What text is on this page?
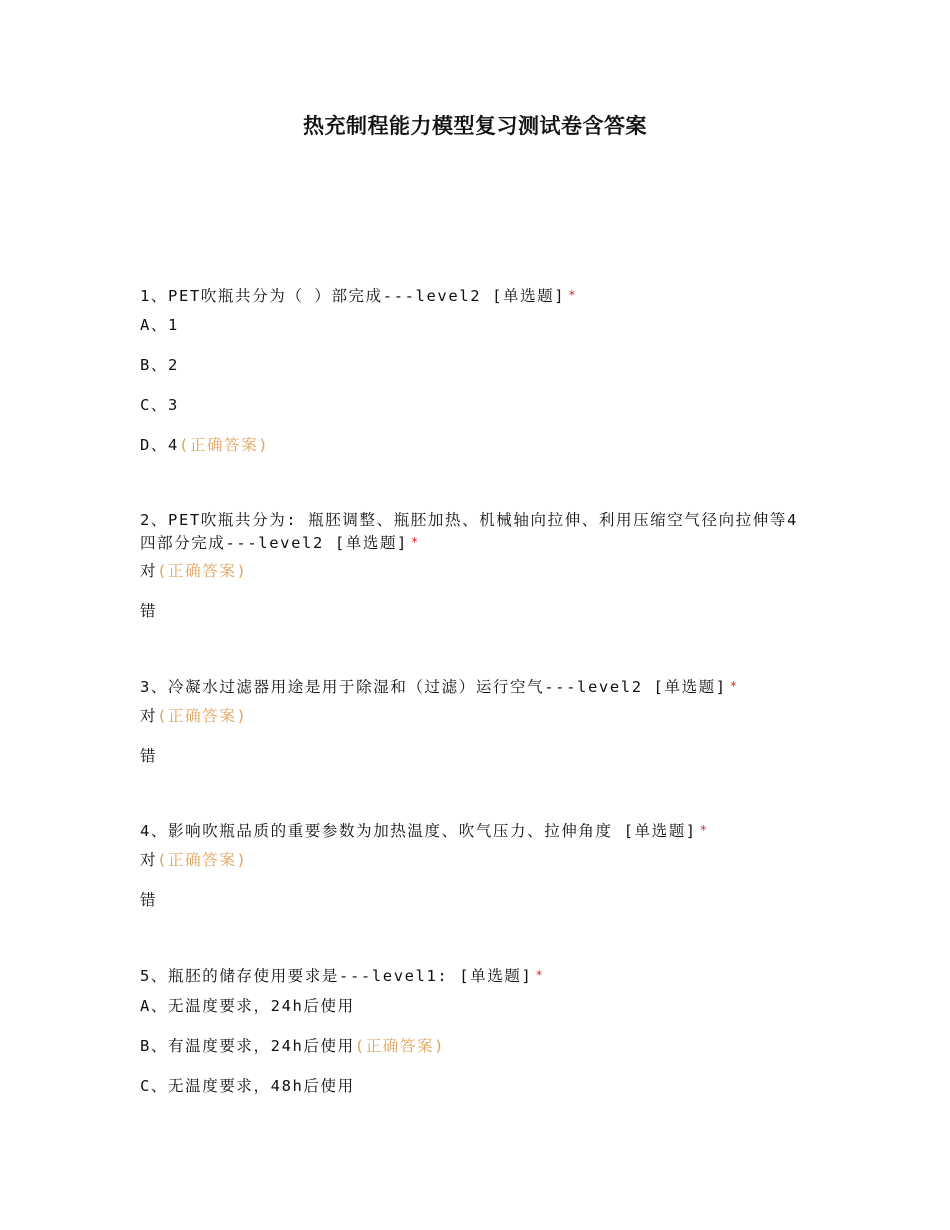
热充制程能力模型复习测试卷含答案
1、PET吹瓶共分为（ ）部完成---level2 [单选题] *
A、1
B、2
C、3
D、4(正确答案)
2、PET吹瓶共分为: 瓶胚调整、瓶胚加热、机械轴向拉伸、利用压缩空气径向拉伸等4四部分完成---level2 [单选题] *
对(正确答案)
错
3、冷凝水过滤器用途是用于除湿和（过滤）运行空气---level2 [单选题] *
对(正确答案)
错
4、影响吹瓶品质的重要参数为加热温度、吹气压力、拉伸角度 [单选题] *
对(正确答案)
错
5、瓶胚的储存使用要求是---level1: [单选题] *
A、无温度要求，24h后使用
B、有温度要求，24h后使用(正确答案)
C、无温度要求，48h后使用
